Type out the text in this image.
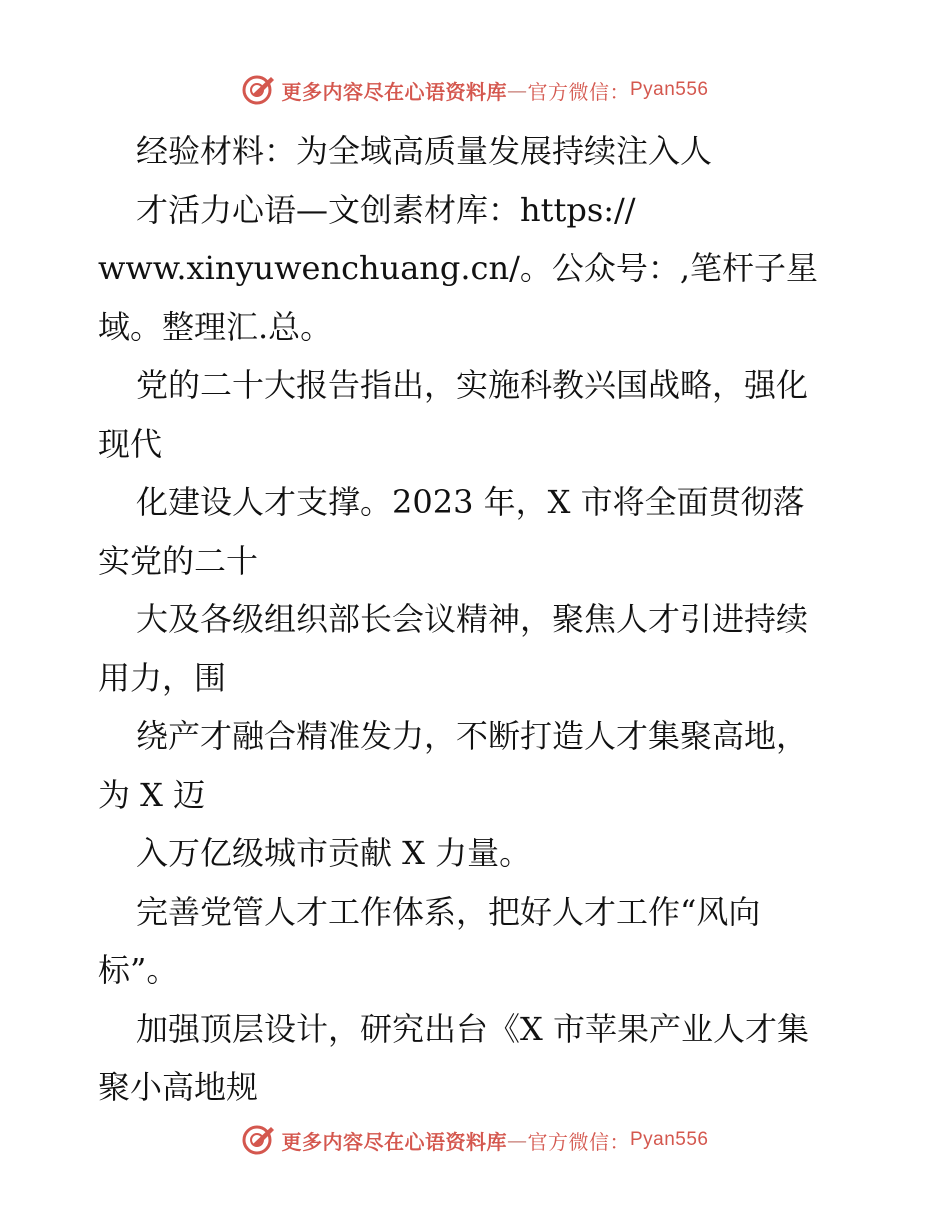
更多内容尽在心语资料库 — 官方微信： Pyan556
经验材料：为全域高质量发展持续注入人
才活力心语—文创素材库：https://
www.xinyuwenchuang.cn/。公众号：,笔杆子星
域。整理汇.总。
党的二十大报告指出，实施科教兴国战略，强化
现代
化建设人才支撑。2023 年，X 市将全面贯彻落
实党的二十
大及各级组织部长会议精神，聚焦人才引进持续
用力，围
绕产才融合精准发力，不断打造人才集聚高地，
为 X 迈
入万亿级城市贡献 X 力量。
完善党管人才工作体系，把好人才工作“风向
标”。
加强顶层设计，研究出台《X 市苹果产业人才集
聚小高地规
更多内容尽在心语资料库 — 官方微信： Pyan556
